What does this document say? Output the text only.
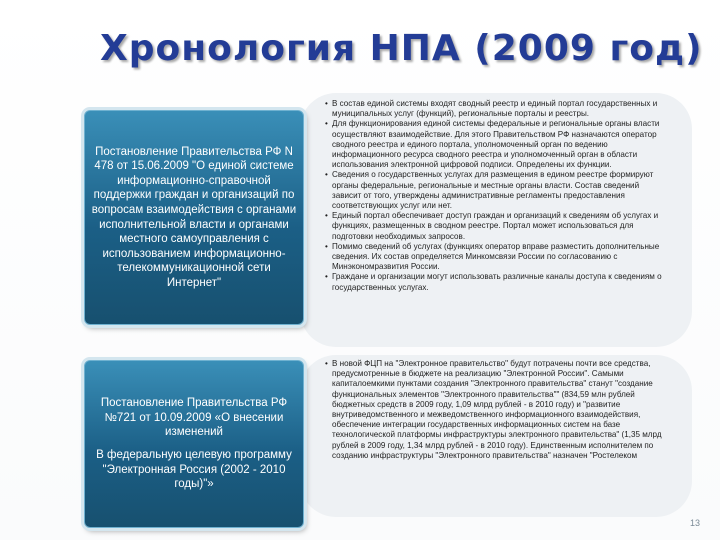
Хронология НПА (2009 год)
• В состав единой системы входят сводный реестр и единый портал государственных и муниципальных услуг (функций), региональные порталы и реестры.
• Для функционирования единой системы федеральные и региональные органы власти осуществляют взаимодействие. Для этого Правительством РФ назначаются оператор сводного реестра и единого портала, уполномоченный орган по ведению информационного ресурса сводного реестра и уполномоченный орган в области использования электронной цифровой подписи. Определены их функции.
• Сведения о государственных услугах для размещения в едином реестре формируют органы федеральные, региональные и местные органы власти. Состав сведений зависит от того, утверждены административные регламенты предоставления соответствующих услуг или нет.
• Единый портал обеспечивает доступ граждан и организаций к сведениям об услугах и функциях, размещенных в сводном реестре. Портал может использоваться для подготовки необходимых запросов.
• Помимо сведений об услугах (функциях оператор вправе разместить дополнительные сведения. Их состав определяется Минкомсвязи России по согласованию с Минэкономразвития России.
• Граждане и организации могут использовать различные каналы доступа к сведениям о государственных услугах.
• В новой ФЦП на "Электронное правительство" будут потрачены почти все средства, предусмотренные в бюджете на реализацию "Электронной России". Самыми капиталоемкими пунктами создания "Электронного правительства" станут "создание функциональных элементов "Электронного правительства"" (834,59 млн рублей бюджетных средств в 2009 году, 1,09 млрд рублей - в 2010 году) и "развитие внутриведомственного и межведомственного информационного взаимодействия, обеспечение интеграции государственных информационных систем на базе технологической платформы инфраструктуры электронного правительства" (1,35 млрд рублей в 2009 году, 1,34 млрд рублей - в 2010 году). Единственным исполнителем по созданию инфраструктуры "Электронного правительства" назначен "Ростелеком

Постановление Правительства РФ N 478 от 15.06.2009 "О единой системе информационно-справочной поддержки граждан и организаций по вопросам взаимодействия с органами исполнительной власти и органами местного самоуправления с использованием информационно-телекоммуникационной сети Интернет"

Постановление Правительства РФ №721 от 10.09.2009 «О внесении изменений

В федеральную целевую программу "Электронная Россия (2002 - 2010 годы)"»

13
